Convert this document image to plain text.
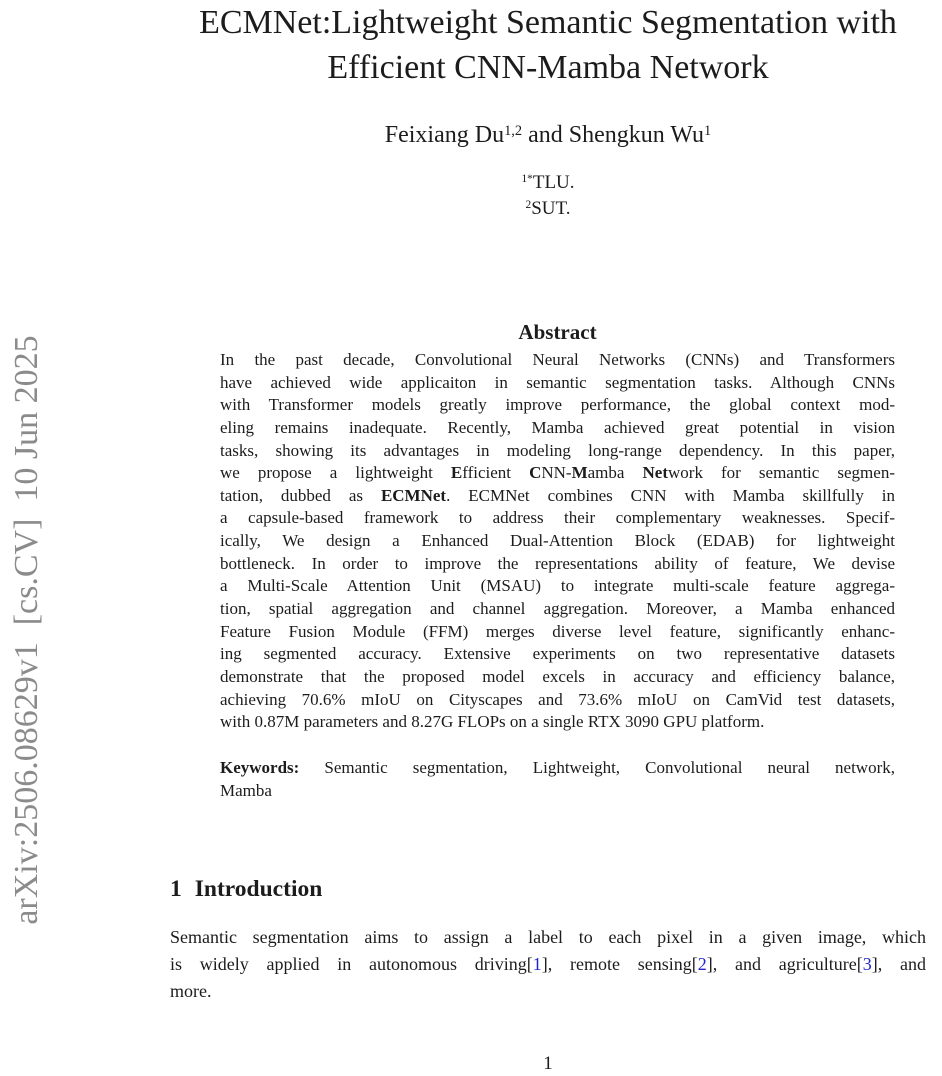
arXiv:2506.08629v1  [cs.CV]  10 Jun 2025
ECMNet:Lightweight Semantic Segmentation with
Efficient CNN-Mamba Network
Feixiang Du$^{1,2}$ and Shengkun Wu$^1$
$^{1*}$TLU.
$^2$SUT.
Abstract
In the past decade, Convolutional Neural Networks (CNNs) and Transformers
have achieved wide applicaiton in semantic segmentation tasks. Although CNNs
with Transformer models greatly improve performance, the global context mod-
eling remains inadequate. Recently, Mamba achieved great potential in vision
tasks, showing its advantages in modeling long-range dependency. In this paper,
we propose a lightweight Efficient CNN-Mamba Network for semantic segmen-
tation, dubbed as ECMNet. ECMNet combines CNN with Mamba skillfully in
a capsule-based framework to address their complementary weaknesses. Specif-
ically, We design a Enhanced Dual-Attention Block (EDAB) for lightweight
bottleneck. In order to improve the representations ability of feature, We devise
a Multi-Scale Attention Unit (MSAU) to integrate multi-scale feature aggrega-
tion, spatial aggregation and channel aggregation. Moreover, a Mamba enhanced
Feature Fusion Module (FFM) merges diverse level feature, significantly enhanc-
ing segmented accuracy. Extensive experiments on two representative datasets
demonstrate that the proposed model excels in accuracy and efficiency balance,
achieving 70.6% mIoU on Cityscapes and 73.6% mIoU on CamVid test datasets,
with 0.87M parameters and 8.27G FLOPs on a single RTX 3090 GPU platform.
Keywords: Semantic segmentation, Lightweight, Convolutional neural network,
Mamba
1 Introduction
Semantic segmentation aims to assign a label to each pixel in a given image, which
is widely applied in autonomous driving[1], remote sensing[2], and agriculture[3], and
more.
1
